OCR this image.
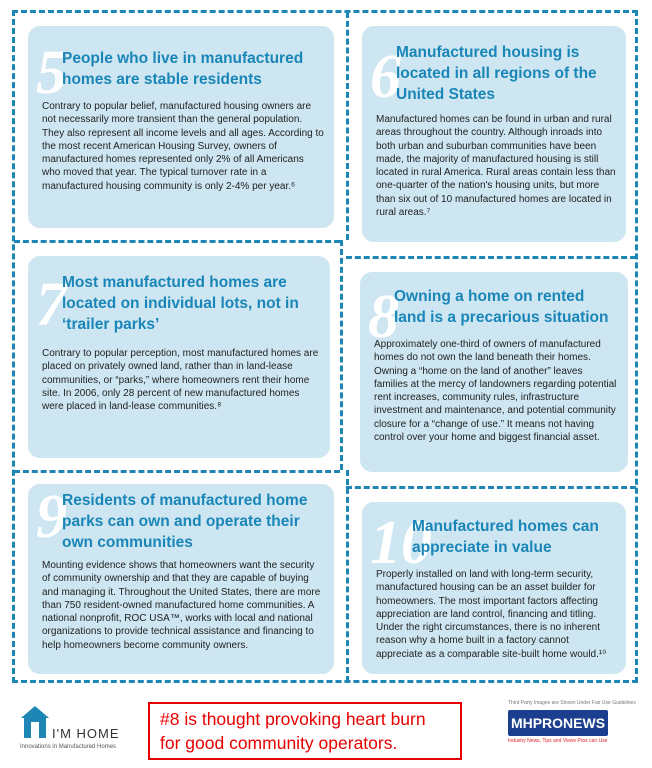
5

People who live in manufactured homes are stable residents

Contrary to popular belief, manufactured housing owners are not necessarily more transient than the general population. They also represent all income levels and all ages. According to the most recent American Housing Survey, owners of manufactured homes represented only 2% of all Americans who moved that year. The typical turnover rate in a manufactured housing community is only 2-4% per year.⁶

6

Manufactured housing is located in all regions of the United States

Manufactured homes can be found in urban and rural areas throughout the country. Although inroads into both urban and suburban communities have been made, the majority of manufactured housing is still located in rural America. Rural areas contain less than one-quarter of the nation's housing units, but more than six out of 10 manufactured homes are located in rural areas.⁷

7

Most manufactured homes are located on individual lots, not in ‘trailer parks’

Contrary to popular perception, most manufactured homes are placed on privately owned land, rather than in land-lease communities, or “parks,” where homeowners rent their home site. In 2006, only 28 percent of new manufactured homes were placed in land-lease communities.⁸

8

Owning a home on rented land is a precarious situation

Approximately one-third of owners of manufactured homes do not own the land beneath their homes. Owning a “home on the land of another” leaves families at the mercy of landowners regarding potential rent increases, community rules, infrastructure investment and maintenance, and potential community closure for a “change of use.” It means not having control over your home and biggest financial asset.

9

Residents of manufactured home parks can own and operate their own communities

Mounting evidence shows that homeowners want the security of community ownership and that they are capable of buying and managing it. Throughout the United States, there are more than 750 resident-owned manufactured home communities. A national nonprofit, ROC USA™, works with local and national organizations to provide technical assistance and financing to help homeowners become community owners.

10

Manufactured homes can appreciate in value

Properly installed on land with long-term security, manufactured housing can be an asset builder for homeowners. The most important factors affecting appreciation are land control, financing and titling. Under the right circumstances, there is no inherent reason why a home built in a factory cannot appreciate as a comparable site-built home would.¹⁰

I'M HOME
Innovations in Manufactured Homes
#8 is thought provoking heart burn for good community operators.
Third Party Images are Shown Under Fair Use Guidelines
MHPRONEWS
Industry News, Tips and Views Pros can Use
